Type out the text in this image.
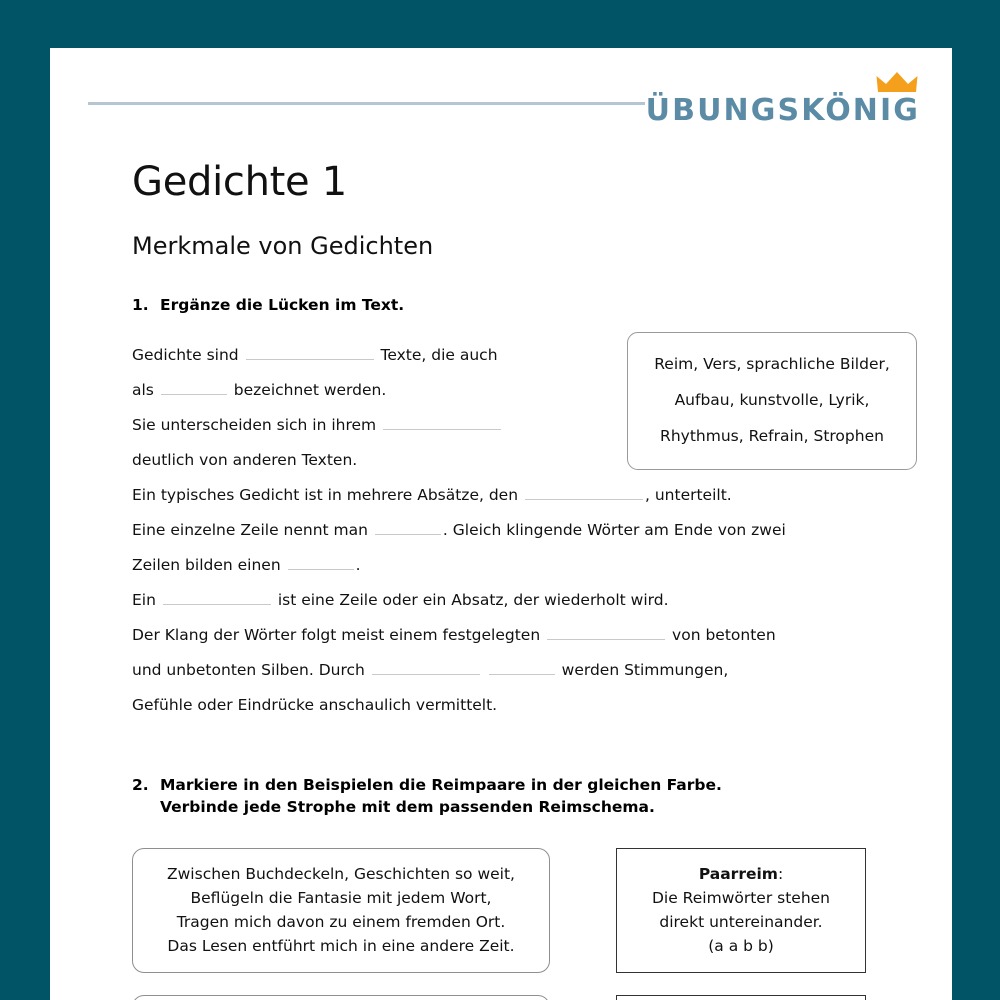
ÜBUNGSKÖNIG
Gedichte 1
Merkmale von Gedichten
1. Ergänze die Lücken im Text.
Reim, Vers, sprachliche Bilder,
Aufbau, kunstvolle, Lyrik,
Rhythmus, Refrain, Strophen
Gedichte sind	Texte, die auch
als	bezeichnet werden.
Sie unterscheiden sich in ihrem
deutlich von anderen Texten.
Ein typisches Gedicht ist in mehrere Absätze, den	, unterteilt.
Eine einzelne Zeile nennt man	. Gleich klingende Wörter am Ende von zwei
Zeilen bilden einen	.
Ein	ist eine Zeile oder ein Absatz, der wiederholt wird.
Der Klang der Wörter folgt meist einem festgelegten	von betonten
und unbetonten Silben. Durch	werden Stimmungen,
Gefühle oder Eindrücke anschaulich vermittelt.
2. Markiere in den Beispielen die Reimpaare in der gleichen Farbe.
Verbinde jede Strophe mit dem passenden Reimschema.
Zwischen Buchdeckeln, Geschichten so weit,
Beflügeln die Fantasie mit jedem Wort,
Tragen mich davon zu einem fremden Ort.
Das Lesen entführt mich in eine andere Zeit.
Paarreim:
Die Reimwörter stehen
direkt untereinander.
(a a b b)
